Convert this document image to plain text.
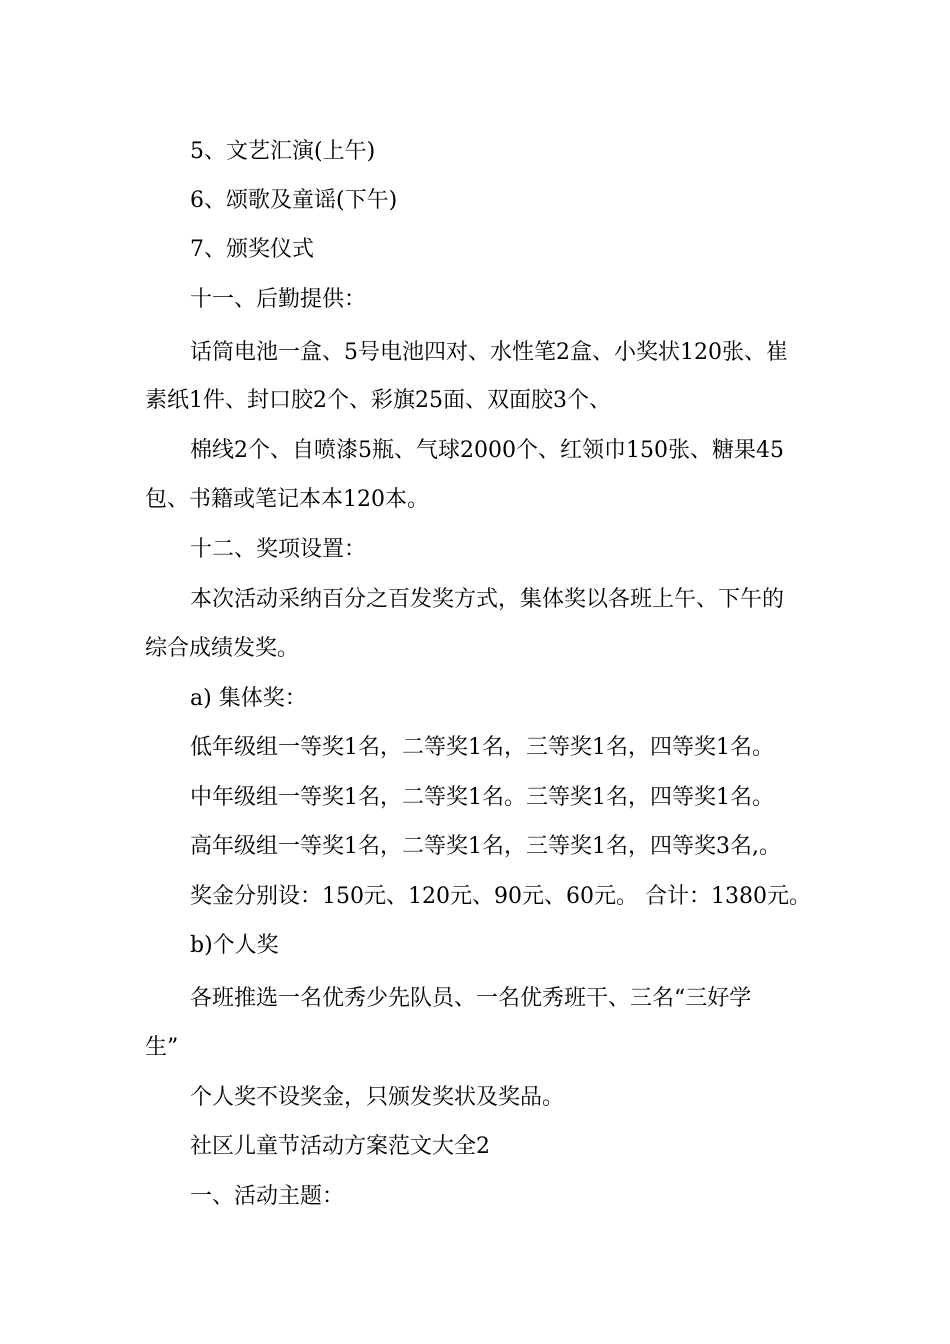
5、文艺汇演(上午)
6、颂歌及童谣(下午)
7、颁奖仪式
十一、后勤提供：
话筒电池一盒、5号电池四对、水性笔2盒、小奖状120张、崔
素纸1件、封口胶2个、彩旗25面、双面胶3个、
棉线2个、自喷漆5瓶、气球2000个、红领巾150张、糖果45
包、书籍或笔记本本120本。
十二、奖项设置：
本次活动采纳百分之百发奖方式，集体奖以各班上午、下午的
综合成绩发奖。
a) 集体奖：
低年级组一等奖1名，二等奖1名，三等奖1名，四等奖1名。
中年级组一等奖1名，二等奖1名。三等奖1名，四等奖1名。
高年级组一等奖1名，二等奖1名，三等奖1名，四等奖3名,。
奖金分别设：150元、120元、90元、60元。 合计：1380元。
b)个人奖
各班推选一名优秀少先队员、一名优秀班干、三名“三好学
生”
个人奖不设奖金，只颁发奖状及奖品。
社区儿童节活动方案范文大全2
一、活动主题：
